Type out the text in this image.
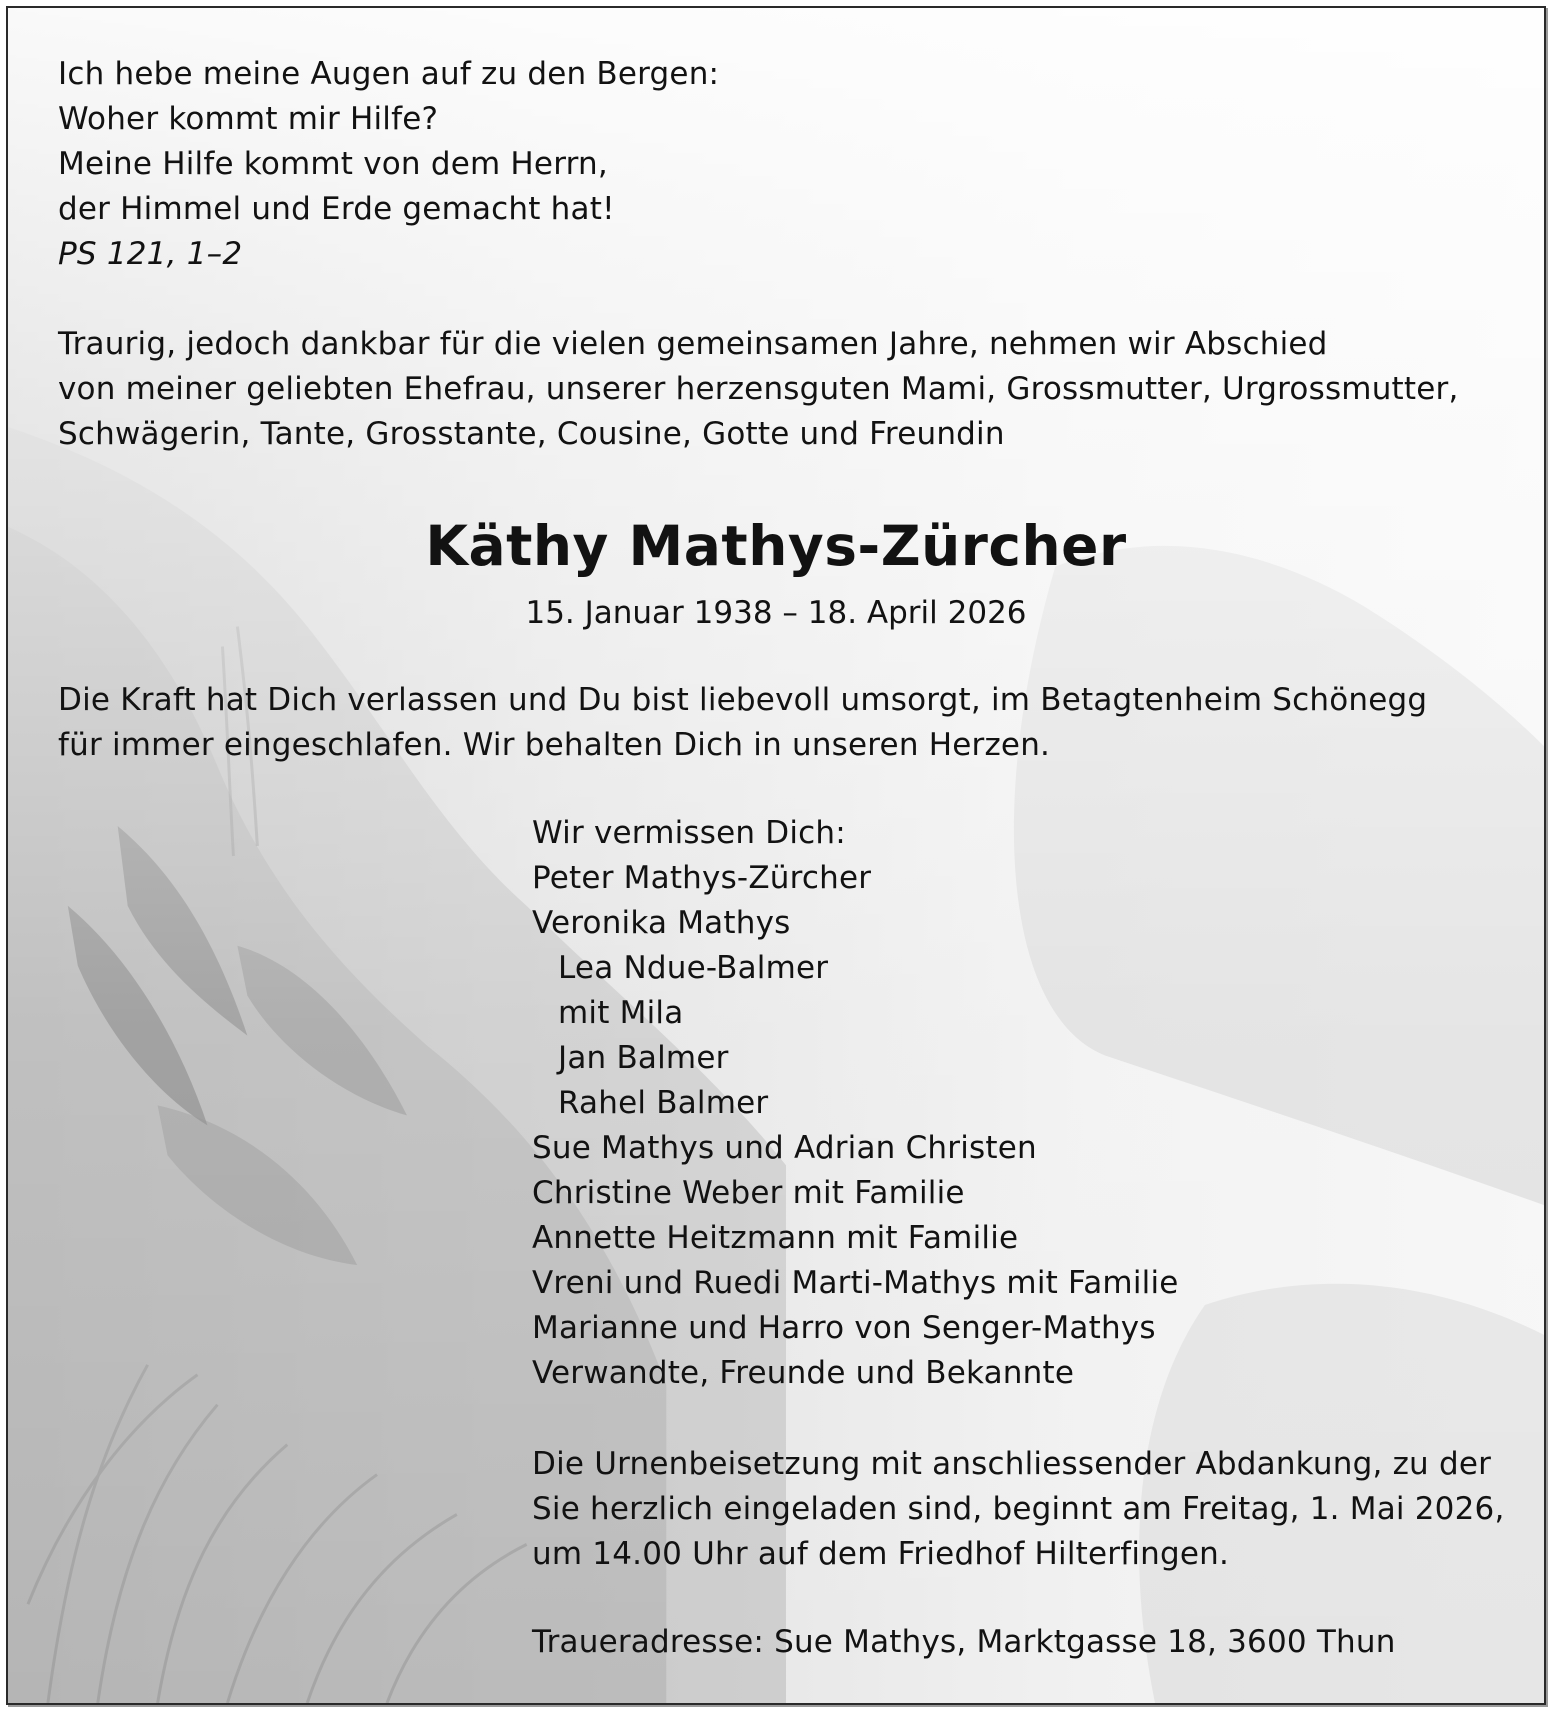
Ich hebe meine Augen auf zu den Bergen:
Woher kommt mir Hilfe?
Meine Hilfe kommt von dem Herrn,
der Himmel und Erde gemacht hat!
PS 121, 1–2
Traurig, jedoch dankbar für die vielen gemeinsamen Jahre, nehmen wir Abschied
von meiner geliebten Ehefrau, unserer herzensguten Mami, Grossmutter, Urgrossmutter,
Schwägerin, Tante, Grosstante, Cousine, Gotte und Freundin
Käthy Mathys-Zürcher
15. Januar 1938 – 18. April 2026
Die Kraft hat Dich verlassen und Du bist liebevoll umsorgt, im Betagtenheim Schönegg
für immer eingeschlafen. Wir behalten Dich in unseren Herzen.
Wir vermissen Dich:
Peter Mathys-Zürcher
Veronika Mathys
Lea Ndue-Balmer
mit Mila
Jan Balmer
Rahel Balmer
Sue Mathys und Adrian Christen
Christine Weber mit Familie
Annette Heitzmann mit Familie
Vreni und Ruedi Marti-Mathys mit Familie
Marianne und Harro von Senger-Mathys
Verwandte, Freunde und Bekannte
Die Urnenbeisetzung mit anschliessender Abdankung, zu der
Sie herzlich eingeladen sind, beginnt am Freitag, 1. Mai 2026,
um 14.00 Uhr auf dem Friedhof Hilterfingen.
Traueradresse: Sue Mathys, Marktgasse 18, 3600 Thun
